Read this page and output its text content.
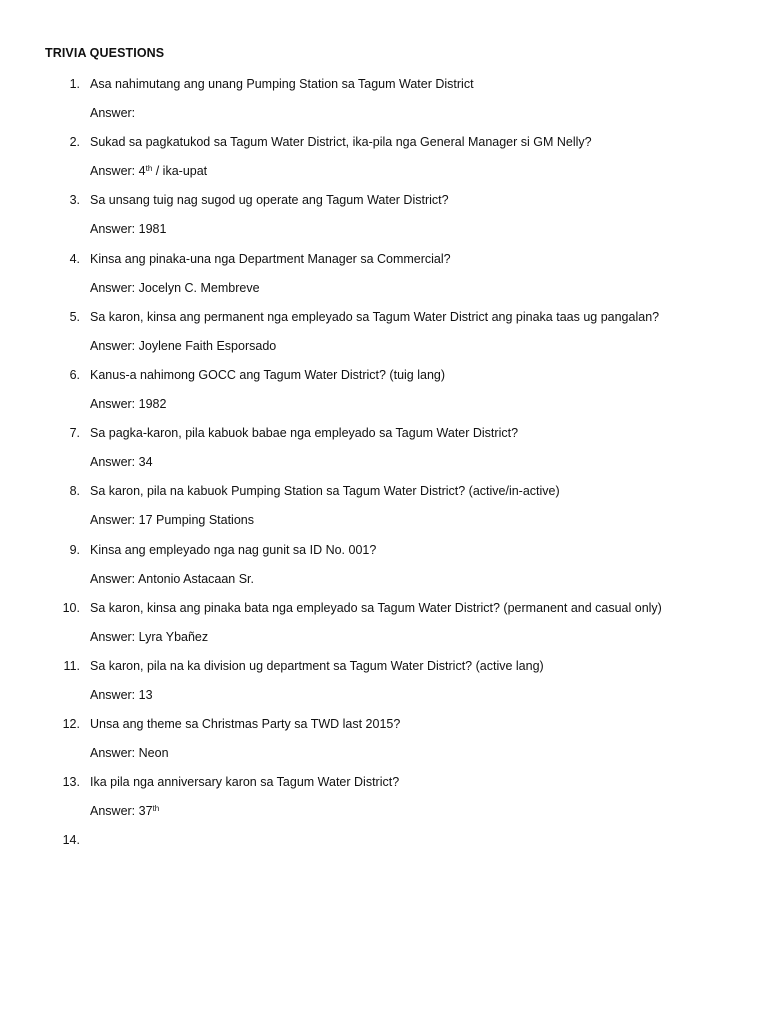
TRIVIA QUESTIONS
1. Asa nahimutang ang unang Pumping Station sa Tagum Water District
Answer:
2. Sukad sa pagkatukod sa Tagum Water District, ika-pila nga General Manager si GM Nelly?
Answer: 4th / ika-upat
3. Sa unsang tuig nag sugod ug operate ang Tagum Water District?
Answer: 1981
4. Kinsa ang pinaka-una nga Department Manager sa Commercial?
Answer: Jocelyn C. Membreve
5. Sa karon, kinsa ang permanent nga empleyado sa Tagum Water District ang pinaka taas ug pangalan?
Answer: Joylene Faith Esporsado
6. Kanus-a nahimong GOCC ang Tagum Water District? (tuig lang)
Answer: 1982
7. Sa pagka-karon, pila kabuok babae nga empleyado sa Tagum Water District?
Answer: 34
8. Sa karon, pila na kabuok Pumping Station sa Tagum Water District? (active/in-active)
Answer: 17 Pumping Stations
9. Kinsa ang empleyado nga nag gunit sa ID No. 001?
Answer: Antonio Astacaan Sr.
10. Sa karon, kinsa ang pinaka bata nga empleyado sa Tagum Water District? (permanent and casual only)
Answer: Lyra Ybañez
11. Sa karon, pila na ka division ug department sa Tagum Water District? (active lang)
Answer: 13
12. Unsa ang theme sa Christmas Party sa TWD last 2015?
Answer: Neon
13. Ika pila nga anniversary karon sa Tagum Water District?
Answer: 37th
14.
